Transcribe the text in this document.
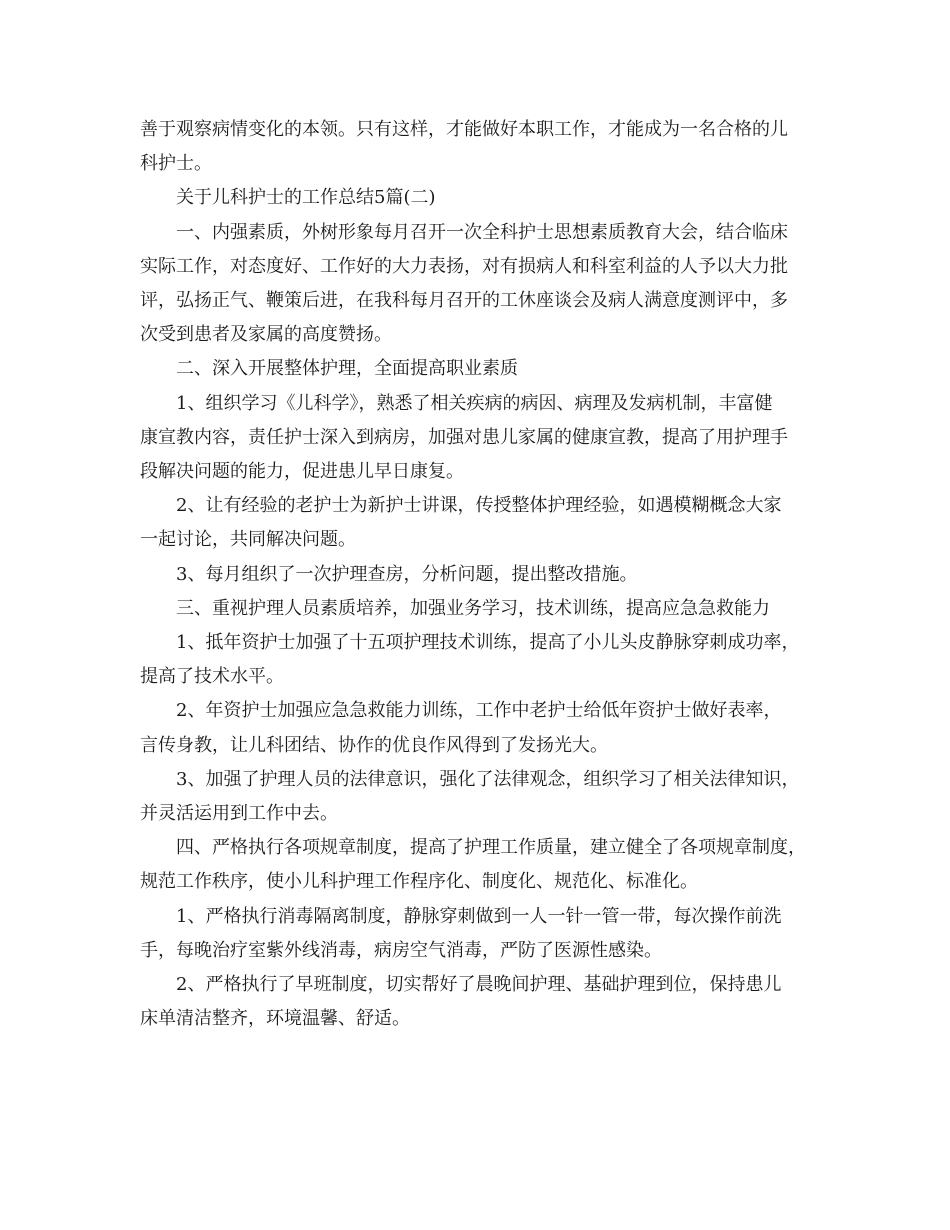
善于观察病情变化的本领。只有这样，才能做好本职工作，才能成为一名合格的儿
科护士。

关于儿科护士的工作总结5篇(二)

一、内强素质，外树形象每月召开一次全科护士思想素质教育大会，结合临床
实际工作，对态度好、工作好的大力表扬，对有损病人和科室利益的人予以大力批
评，弘扬正气、鞭策后进，在我科每月召开的工休座谈会及病人满意度测评中，多
次受到患者及家属的高度赞扬。

二、深入开展整体护理，全面提高职业素质

1、组织学习《儿科学》，熟悉了相关疾病的病因、病理及发病机制，丰富健
康宣教内容，责任护士深入到病房，加强对患儿家属的健康宣教，提高了用护理手
段解决问题的能力，促进患儿早日康复。

2、让有经验的老护士为新护士讲课，传授整体护理经验，如遇模糊概念大家
一起讨论，共同解决问题。

3、每月组织了一次护理查房，分析问题，提出整改措施。

三、重视护理人员素质培养，加强业务学习，技术训练，提高应急急救能力

1、抵年资护士加强了十五项护理技术训练，提高了小儿头皮静脉穿刺成功率，
提高了技术水平。

2、年资护士加强应急急救能力训练，工作中老护士给低年资护士做好表率，
言传身教，让儿科团结、协作的优良作风得到了发扬光大。

3、加强了护理人员的法律意识，强化了法律观念，组织学习了相关法律知识，
并灵活运用到工作中去。

四、严格执行各项规章制度，提高了护理工作质量，建立健全了各项规章制度，
规范工作秩序，使小儿科护理工作程序化、制度化、规范化、标准化。

1、严格执行消毒隔离制度，静脉穿刺做到一人一针一管一带，每次操作前洗
手，每晚治疗室紫外线消毒，病房空气消毒，严防了医源性感染。

2、严格执行了早班制度，切实帮好了晨晚间护理、基础护理到位，保持患儿
床单清洁整齐，环境温馨、舒适。
